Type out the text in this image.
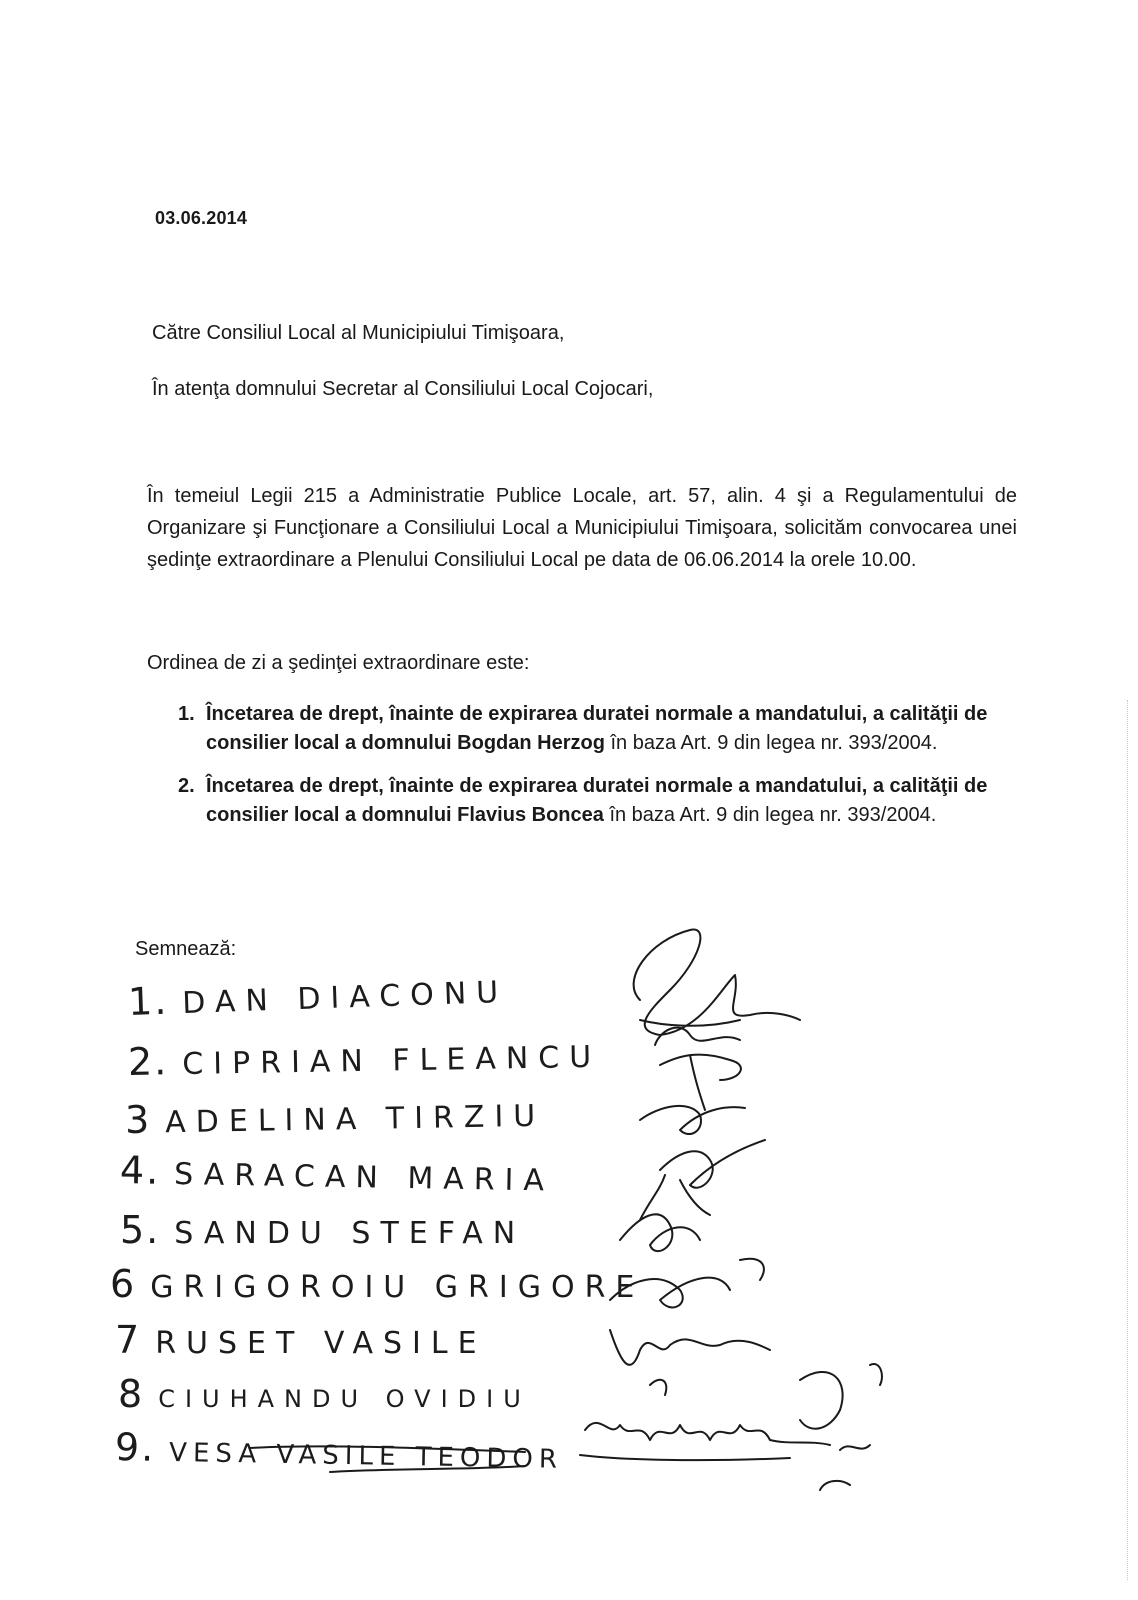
03.06.2014
Către Consiliul Local al Municipiului Timişoara,
În atenţa domnului Secretar al Consiliului Local Cojocari,
În temeiul Legii 215 a Administratie Publice Locale, art. 57, alin. 4 şi a Regulamentului de Organizare şi Funcţionare a Consiliului Local a Municipiului Timişoara, solicităm convocarea unei şedinţe extraordinare a Plenului Consiliului Local pe data de 06.06.2014 la orele 10.00.
Ordinea de zi a şedinţei extraordinare este:
1. Încetarea de drept, înainte de expirarea duratei normale a mandatului, a calităţii de consilier local a domnului Bogdan Herzog în baza Art. 9 din legea nr. 393/2004.
2. Încetarea de drept, înainte de expirarea duratei normale a mandatului, a calităţii de consilier local a domnului Flavius Boncea în baza Art. 9 din legea nr. 393/2004.
Semnează:
1. DAN DIACONU
2. CIPRIAN FLEANCU
3 ADELINA TIRZIU
4. SARACAN MARIA
5. SANDU STEFAN
6 GRIGOROIU GRIGORE
7 RUSET VASILE
8 CIUHANDU OVIDIU
9. VESA VASILE TEODOR
